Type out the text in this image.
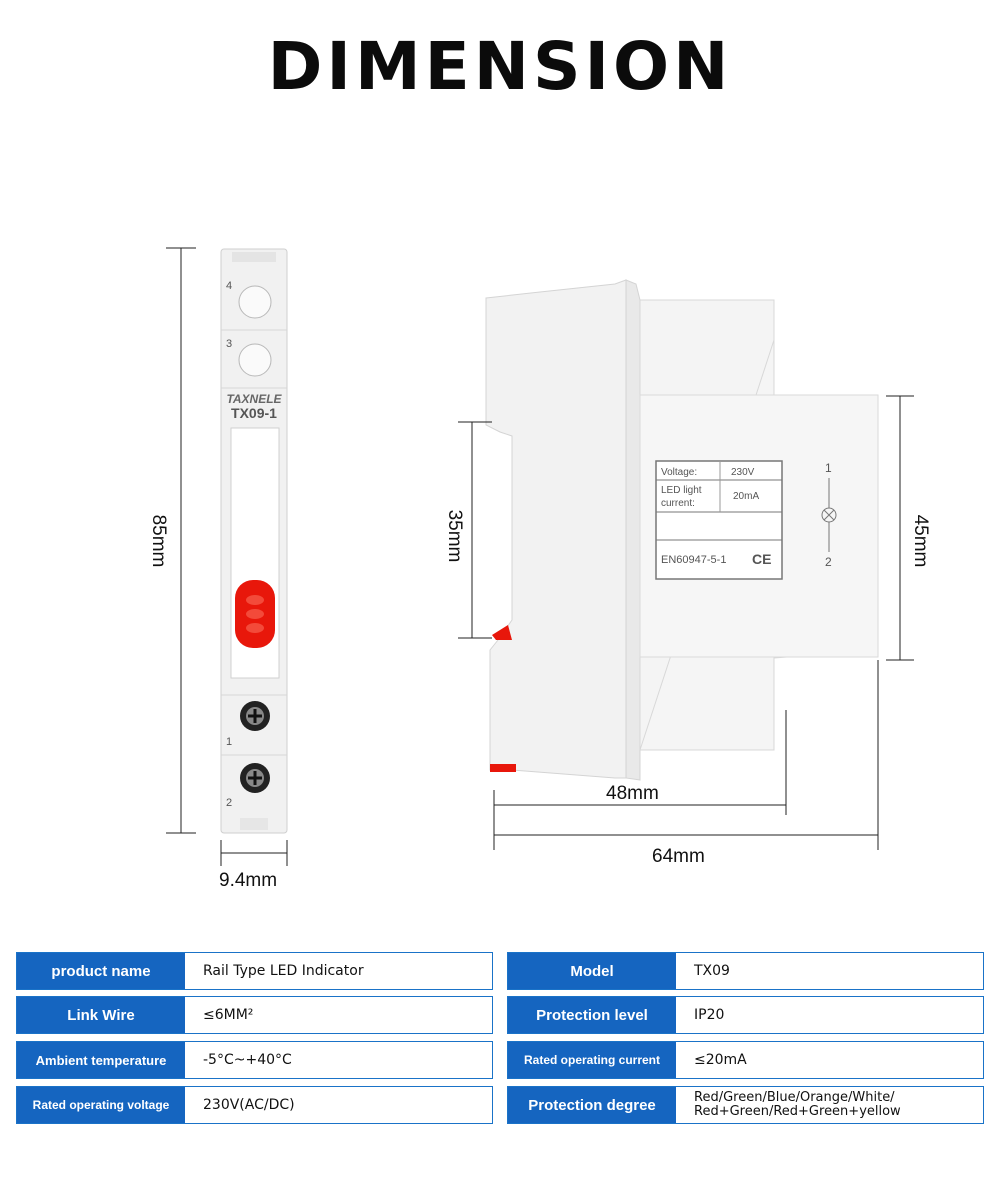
DIMENSION
4
3
TAXNELE
TX09-1
1
2
Voltage:	230V
LED light
current:
20mA
EN60947-5-1 CE
1
2
85mm
9.4mm
35mm	45mm
48mm
64mm
product name	Rail Type LED Indicator
Link Wire	≤6MM²
Ambient temperature	-5°C~+40°C
Rated operating voltage	230V(AC/DC)
Model	TX09
Protection level	IP20
Rated operating current	≤20mA
Protection degree	Red/Green/Blue/Orange/White/
Red+Green/Red+Green+yellow
